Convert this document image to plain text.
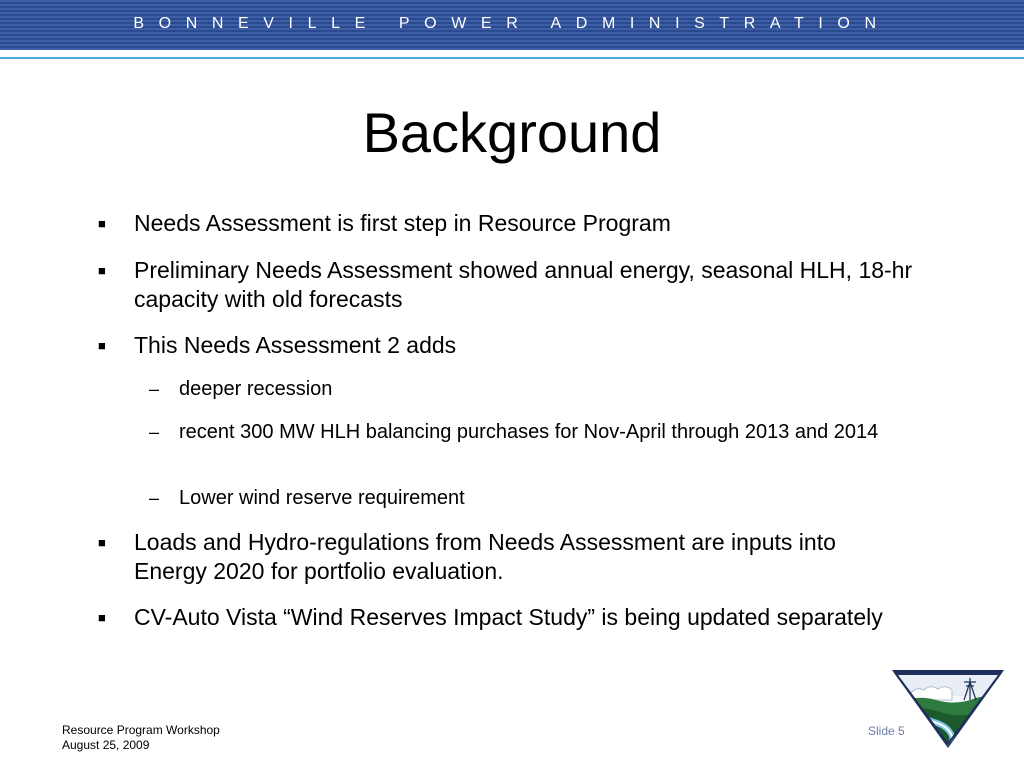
BONNEVILLE POWER ADMINISTRATION
Background
■ Needs Assessment is first step in Resource Program
■ Preliminary Needs Assessment showed annual energy, seasonal HLH, 18-hr capacity with old forecasts
■ This Needs Assessment 2 adds
– deeper recession
– recent 300 MW HLH balancing purchases for Nov-April through 2013 and 2014
– Lower wind reserve requirement
■ Loads and Hydro-regulations from Needs Assessment are inputs into Energy 2020 for portfolio evaluation.
■ CV-Auto Vista “Wind Reserves Impact Study” is being updated separately
Resource Program Workshop
August 25, 2009
Slide 5
